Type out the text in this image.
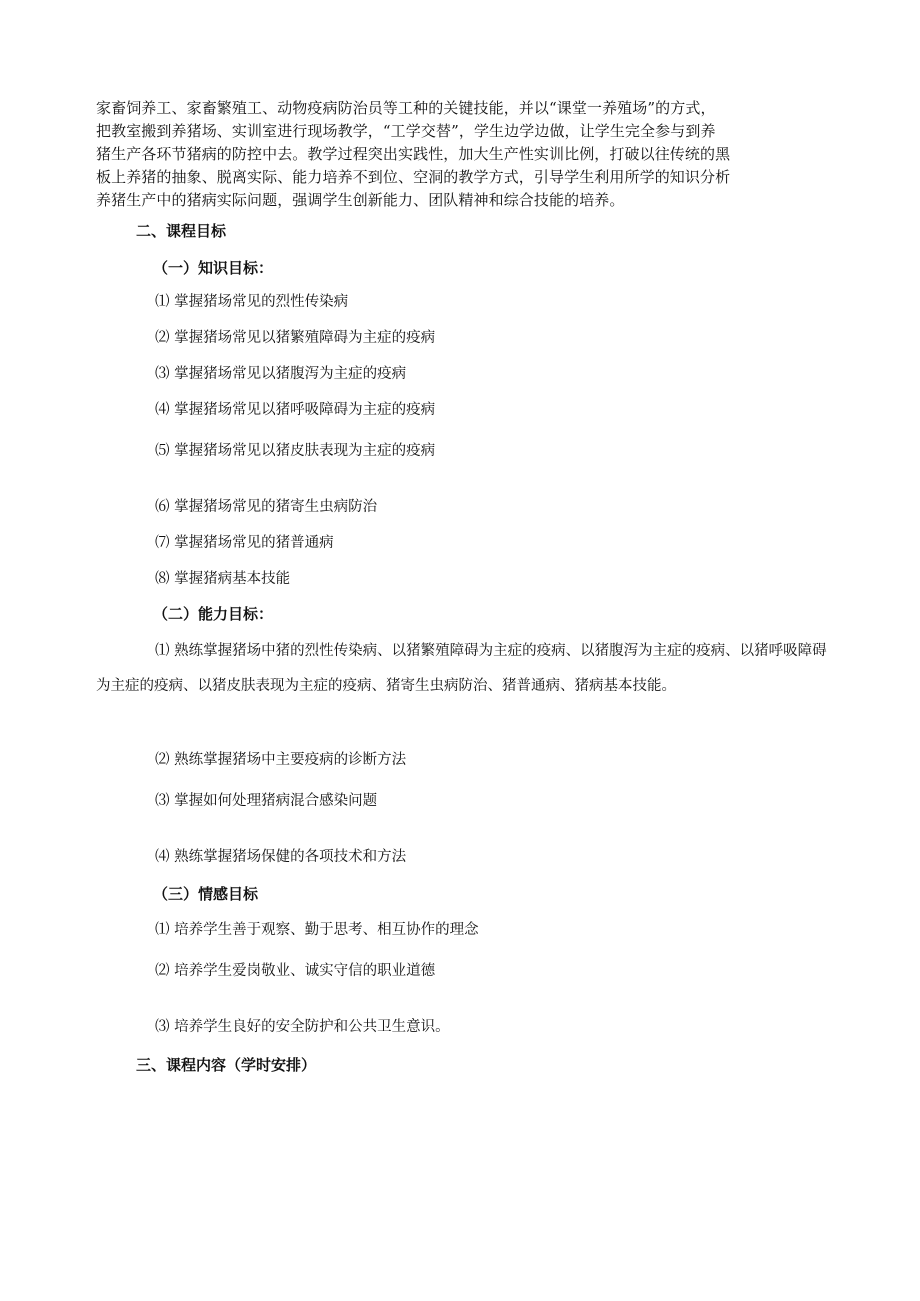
家畜饲养工、家畜繁殖工、动物疫病防治员等工种的关键技能，并以“课堂一养殖场”的方式，

把教室搬到养猪场、实训室进行现场教学，“工学交替”，学生边学边做，让学生完全参与到养

猪生产各环节猪病的防控中去。教学过程突出实践性，加大生产性实训比例，打破以往传统的黑

板上养猪的抽象、脱离实际、能力培养不到位、空洞的教学方式，引导学生利用所学的知识分析

养猪生产中的猪病实际问题，强调学生创新能力、团队精神和综合技能的培养。

二、课程目标
（一）知识目标：

⑴ 掌握猪场常见的烈性传染病

⑵ 掌握猪场常见以猪繁殖障碍为主症的疫病

⑶ 掌握猪场常见以猪腹泻为主症的疫病

⑷ 掌握猪场常见以猪呼吸障碍为主症的疫病

⑸ 掌握猪场常见以猪皮肤表现为主症的疫病

⑹ 掌握猪场常见的猪寄生虫病防治

⑺ 掌握猪场常见的猪普通病

⑻ 掌握猪病基本技能

（二）能力目标：

⑴ 熟练掌握猪场中猪的烈性传染病、以猪繁殖障碍为主症的疫病、以猪腹泻为主症的疫病、以猪呼吸障碍为主症的疫病、以猪皮肤表现为主症的疫病、猪寄生虫病防治、猪普通病、猪病基本技能。

⑵ 熟练掌握猪场中主要疫病的诊断方法

⑶ 掌握如何处理猪病混合感染问题

⑷ 熟练掌握猪场保健的各项技术和方法

（三）情感目标

⑴ 培养学生善于观察、勤于思考、相互协作的理念

⑵ 培养学生爱岗敬业、诚实守信的职业道德

⑶ 培养学生良好的安全防护和公共卫生意识。

三、课程内容（学时安排）
